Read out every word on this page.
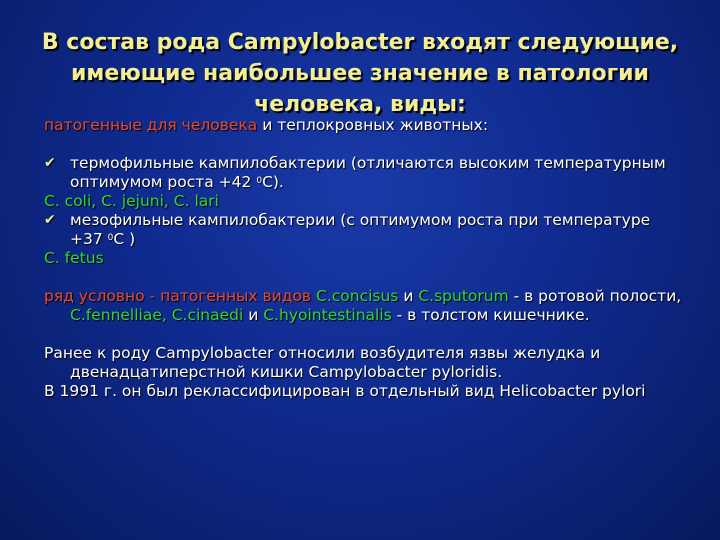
В состав рода Campylobacter входят следующие, имеющие наибольшее значение в патологии человека, виды:

патогенные для человека и теплокровных животных:

✔ термофильные кампилобактерии (отличаются высоким температурным оптимумом роста +42 $^0$С).

C. coli, C. jejuni, C. lari

✔ мезофильные кампилобактерии (с оптимумом роста при температуре +37 $^0$С )

C. fetus

ряд условно - патогенных видов C.concisus и C.sputorum - в ротовой полости, C.fennelliae, C.cinaedi и C.hyointestinalis - в толстом кишечнике.

Ранее к роду Campylobacter относили возбудителя язвы желудка и двенадцатиперстной кишки Campylobacter pyloridis.

В 1991 г. он был реклассифицирован в отдельный вид Helicobacter pylori
